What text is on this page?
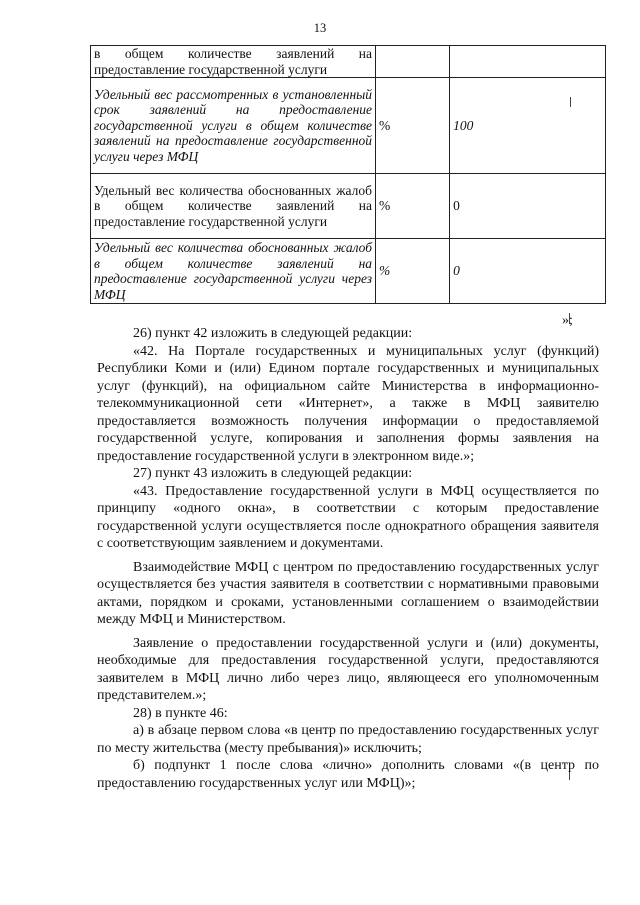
13
в общем количестве заявлений на предоставление государственной услуги		
Удельный вес рассмотренных в установленный срок заявлений на предоставление государственной услуги в общем количестве заявлений на предоставление государственной услуги через МФЦ	%	100
Удельный вес количества обоснованных жалоб в общем количестве заявлений на предоставление государственной услуги	%	0
Удельный вес количества обоснованных жалоб в общем количестве заявлений на предоставление государственной услуги через МФЦ	%	0
»;

26) пункт 42 изложить в следующей редакции:

«42. На Портале государственных и муниципальных услуг (функций) Республики Коми и (или) Едином портале государственных и муниципальных услуг (функций), на официальном сайте Министерства в информационно-телекоммуникационной сети «Интернет», а также в МФЦ заявителю предоставляется возможность получения информации о предоставляемой государственной услуге, копирования и заполнения формы заявления на предоставление государственной услуги в электронном виде.»;

27) пункт 43 изложить в следующей редакции:

«43. Предоставление государственной услуги в МФЦ осуществляется по принципу «одного окна», в соответствии с которым предоставление государственной услуги осуществляется после однократного обращения заявителя с соответствующим заявлением и документами.

Взаимодействие МФЦ с центром по предоставлению государственных услуг осуществляется без участия заявителя в соответствии с нормативными правовыми актами, порядком и сроками, установленными соглашением о взаимодействии между МФЦ и Министерством.

Заявление о предоставлении государственной услуги и (или) документы, необходимые для предоставления государственной услуги, предоставляются заявителем в МФЦ лично либо через лицо, являющееся его уполномоченным представителем.»;

28) в пункте 46:

а) в абзаце первом слова «в центр по предоставлению государственных услуг по месту жительства (месту пребывания)» исключить;

б) подпункт 1 после слова «лично» дополнить словами «(в центр по предоставлению государственных услуг или МФЦ)»;
